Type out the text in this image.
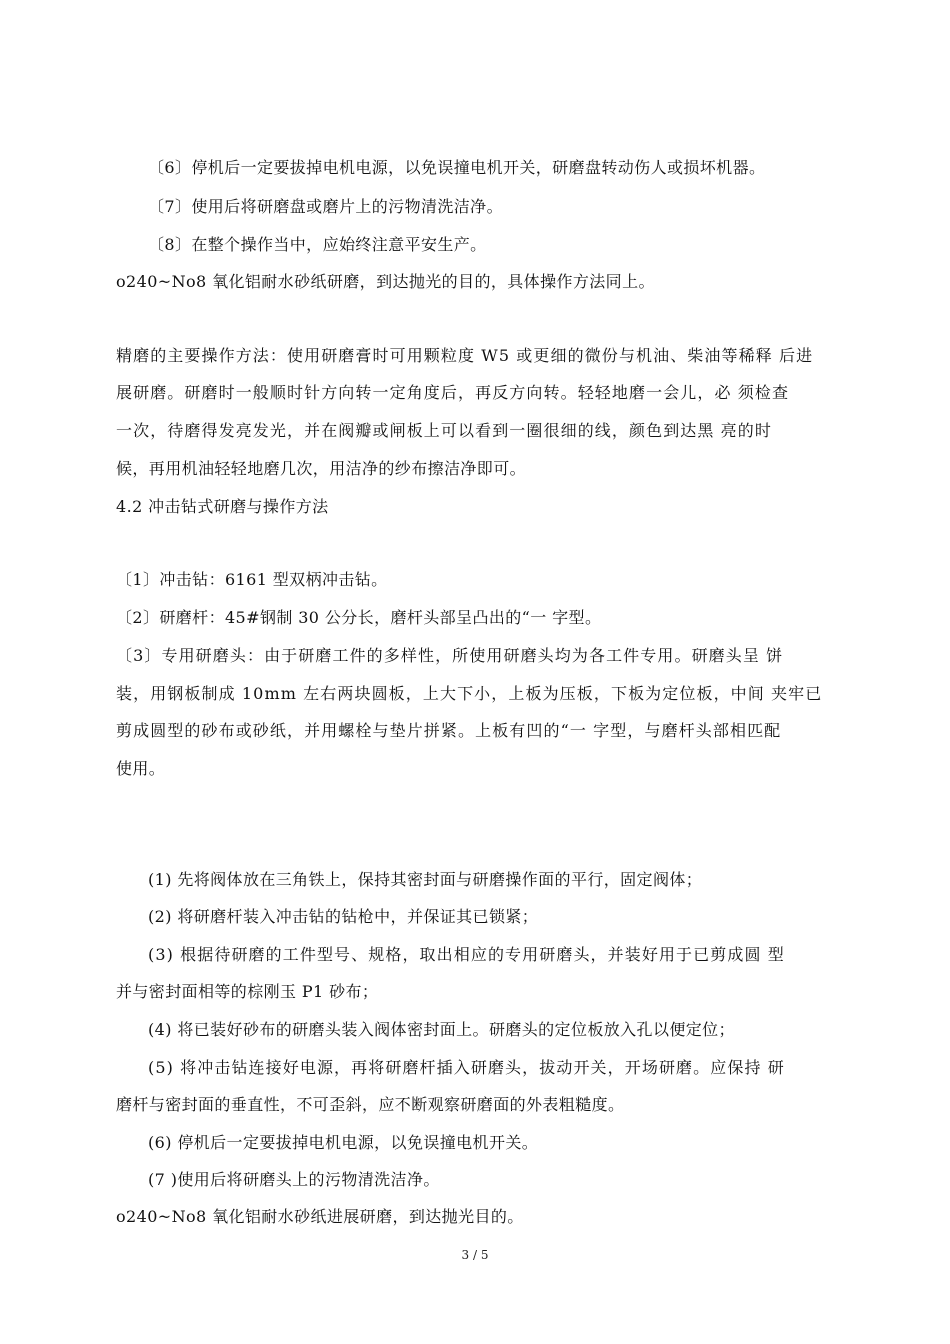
〔6〕停机后一定要拔掉电机电源，以免误撞电机开关，研磨盘转动伤人或损坏机器。
〔7〕使用后将研磨盘或磨片上的污物清洗洁净。
〔8〕在整个操作当中，应始终注意平安生产。
o240~No8 氧化铝耐水砂纸研磨，到达抛光的目的，具体操作方法同上。
精磨的主要操作方法：使用研磨膏时可用颗粒度 W5 或更细的微份与机油、柴油等稀释 后进
展研磨。研磨时一般顺时针方向转一定角度后，再反方向转。轻轻地磨一会儿，必 须检查
一次，待磨得发亮发光，并在阀瓣或闸板上可以看到一圈很细的线，颜色到达黑 亮的时
候，再用机油轻轻地磨几次，用洁净的纱布擦洁净即可。
4.2 冲击钻式研磨与操作方法
〔1〕冲击钻：6161 型双柄冲击钻。
〔2〕研磨杆：45#钢制 30 公分长，磨杆头部呈凸出的“一 字型。
〔3〕专用研磨头：由于研磨工件的多样性，所使用研磨头均为各工件专用。研磨头呈 饼
装，用钢板制成 10mm 左右两块圆板，上大下小，上板为压板，下板为定位板，中间 夹牢已
剪成圆型的砂布或砂纸，并用螺栓与垫片拼紧。上板有凹的“一 字型，与磨杆头部相匹配
使用。
(1) 先将阀体放在三角铁上，保持其密封面与研磨操作面的平行，固定阀体；
(2) 将研磨杆装入冲击钻的钻枪中，并保证其已锁紧；
(3) 根据待研磨的工件型号、规格，取出相应的专用研磨头，并装好用于已剪成圆 型
并与密封面相等的棕刚玉 P1 砂布；
(4) 将已装好砂布的研磨头装入阀体密封面上。研磨头的定位板放入孔以便定位；
(5) 将冲击钻连接好电源，再将研磨杆插入研磨头，拔动开关，开场研磨。应保持 研
磨杆与密封面的垂直性，不可歪斜，应不断观察研磨面的外表粗糙度。
(6) 停机后一定要拔掉电机电源，以免误撞电机开关。
(7 )使用后将研磨头上的污物清洗洁净。
o240~No8 氧化铝耐水砂纸进展研磨，到达抛光目的。
3 / 5
